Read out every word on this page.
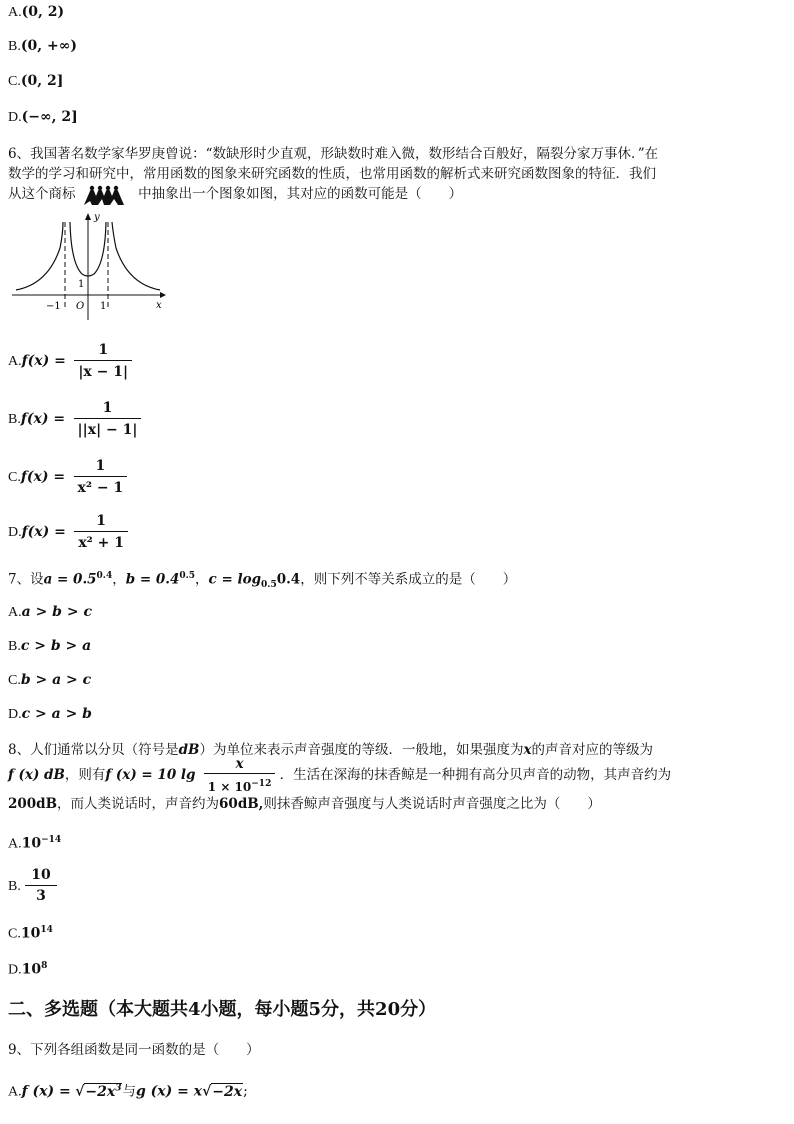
A.(0, 2)
B.(0, +∞)
C.(0, 2]
D.(−∞, 2]
6、我国著名数学家华罗庚曾说：“数缺形时少直观，形缺数时难入微，数形结合百般好，隔裂分家万事休．”在
数学的学习和研究中，常用函数的图象来研究函数的性质，也常用函数的解析式来研究函数图象的特征．我们
从这个商标	中抽象出一个图象如图，其对应的函数可能是（　　）
y
x
O
−1	1
1
$A.f(x) = \frac{1}{|x - 1|}$
$B.f(x) = \frac{1}{||x| - 1|}$
$C.f(x) = \frac{1}{\text{x² − 1}}$
$D.f(x) = \frac{1}{\text{x² + 1}}$
7、设$a = 0.5^{0.4}$，$b = 0.4^{0.5}$，$c = \log_{0.5}0.4$，则下列不等关系成立的是（　　）
A.a > b > c
B.c > b > a
C.b > a > c
D.c > a > b
8、人们通常以分贝（符号是dB）为单位来表示声音强度的等级．一般地，如果强度为x的声音对应的等级为
f (x) dB，则有f (x) = 10 $\lg \frac{x}{1 \times 10^{-12}}$ ．生活在深海的抹香鲸是一种拥有高分贝声音的动物，其声音约为
200dB，而人类说话时，声音约为60dB,则抹香鲸声音强度与人类说话时声音强度之比为（　　）
$A.10^{-14}$
B. $\frac{10}{3}$
$C.10^{14}$
$D.10^8$
二、多选题（本大题共4小题，每小题5分，共20分）
9、下列各组函数是同一函数的是（　　）
A.f $(x) = √-2x^3$与g (x) = x√−2x;
